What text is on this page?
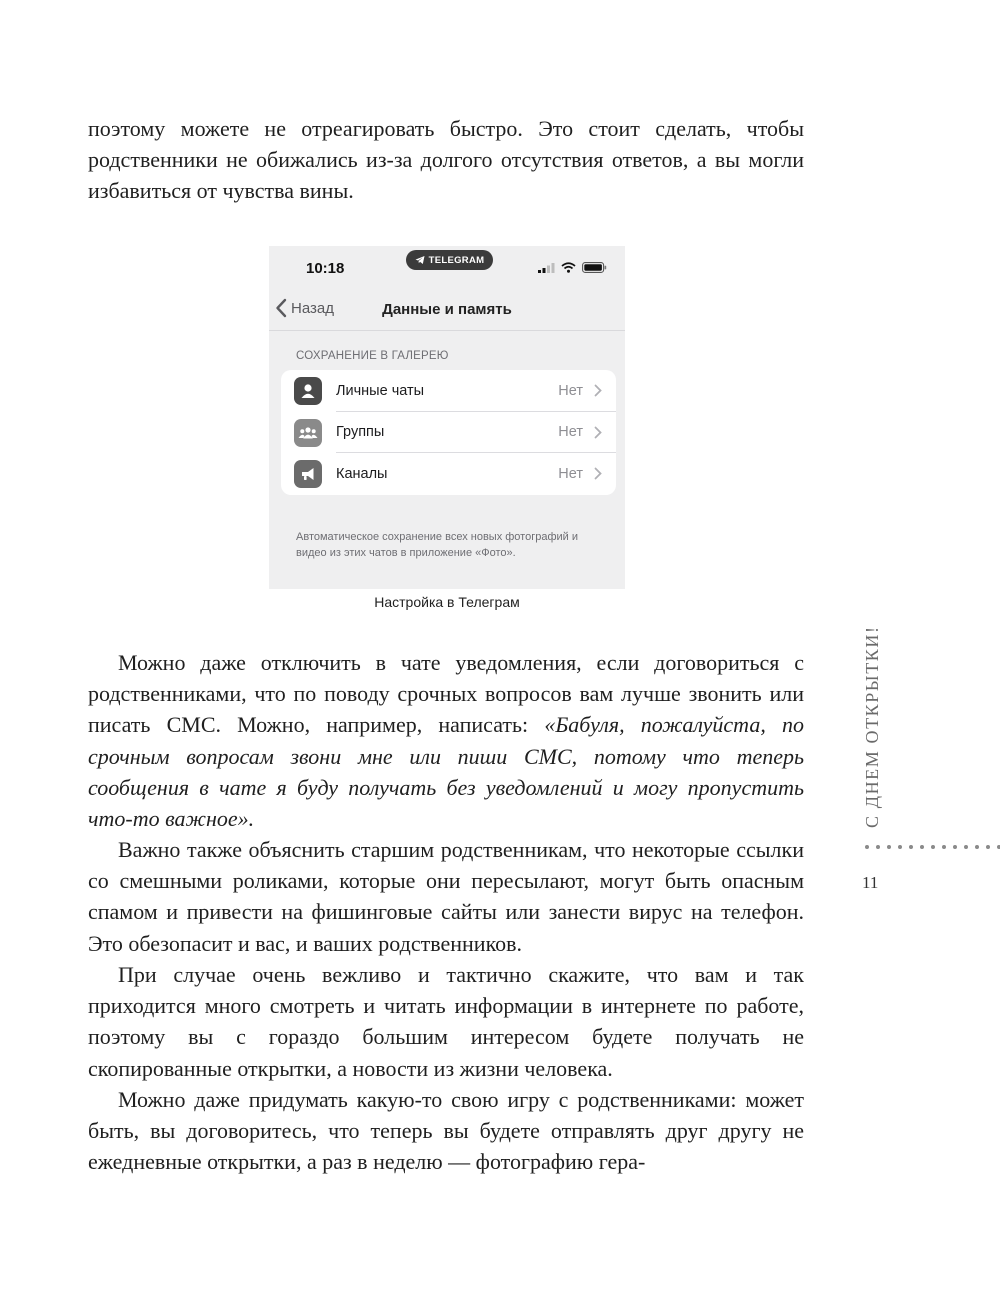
поэтому можете не отреагировать быстро. Это стоит сделать, чтобы родственники не обижались из-за долгого отсутствия ответов, а вы могли избавиться от чувства вины.

10:18	TELEGRAM
Назад	Данные и память
СОХРАНЕНИЕ В ГАЛЕРЕЮ
Личные чаты	Нет
Группы	Нет
Каналы	Нет
Автоматическое сохранение всех новых фотографий и видео из этих чатов в приложение «Фото».
Настройка в Телеграм

Можно даже отключить в чате уведомления, если договориться с родственниками, что по поводу срочных вопросов вам лучше звонить или писать СМС. Можно, например, написать: «Бабуля, пожалуйста, по срочным вопросам звони мне или пиши СМС, потому что теперь сообщения в чате я буду получать без уведомлений и могу пропустить что-то важное».

Важно также объяснить старшим родственникам, что некоторые ссылки со смешными роликами, которые они пересылают, могут быть опасным спамом и привести на фишинговые сайты или занести вирус на телефон. Это обезопасит и вас, и ваших родственников.

При случае очень вежливо и тактично скажите, что вам и так приходится много смотреть и читать информации в интернете по работе, поэтому вы с гораздо большим интересом будете получать не скопированные открытки, а новости из жизни человека.

Можно даже придумать какую-то свою игру с родственниками: может быть, вы договоритесь, что теперь вы будете отправлять друг другу не ежедневные открытки, а раз в неделю — фотографию гера-

С ДНЕМ ОТКРЫТКИ!
11
